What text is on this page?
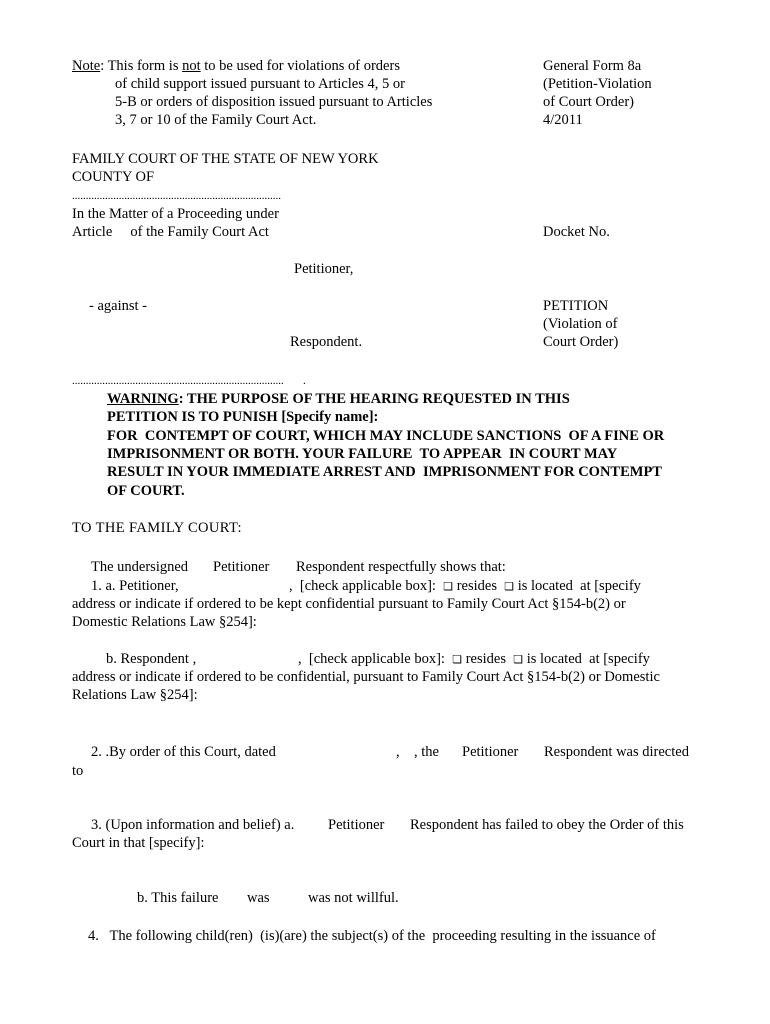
Note: This form is not to be used for violations of orders
of child support issued pursuant to Articles 4, 5 or
5-B or orders of disposition issued pursuant to Articles
3, 7 or 10 of the Family Court Act.
General Form 8a
(Petition-Violation
of Court Order)
4/2011
FAMILY COURT OF THE STATE OF NEW YORK
COUNTY OF
............................................................................
In the Matter of a Proceeding under
Article     of the Family Court Act	Docket No.
Petitioner,
- against -	PETITION
(Violation of
Court Order)
Respondent.
.............................................................................       .
WARNING: THE PURPOSE OF THE HEARING REQUESTED IN THIS
PETITION IS TO PUNISH [Specify name]:
FOR  CONTEMPT OF COURT, WHICH MAY INCLUDE SANCTIONS  OF A FINE OR
IMPRISONMENT OR BOTH. YOUR FAILURE  TO APPEAR  IN COURT MAY
RESULT IN YOUR IMMEDIATE ARREST AND  IMPRISONMENT FOR CONTEMPT
OF COURT.
TO THE FAMILY COURT:
The undersigned Petitioner Respondent respectfully shows that:
1. a. Petitioner,	,  [check applicable box]:  ❏ resides  ❏ is located  at [specify
address or indicate if ordered to be kept confidential pursuant to Family Court Act §154-b(2) or
Domestic Relations Law §254]:
b. Respondent ,	,  [check applicable box]:  ❏ resides  ❏ is located  at [specify
address or indicate if ordered to be confidential, pursuant to Family Court Act §154-b(2) or Domestic
Relations Law §254]:
2. .By order of this Court, dated	, , the Petitioner Respondent was directed
to
3. (Upon information and belief) a. Petitioner Respondent has failed to obey the Order of this
Court in that [specify]:
b. This failure was	was not willful.
4.   The following child(ren)  (is)(are) the subject(s) of the  proceeding resulting in the issuance of
